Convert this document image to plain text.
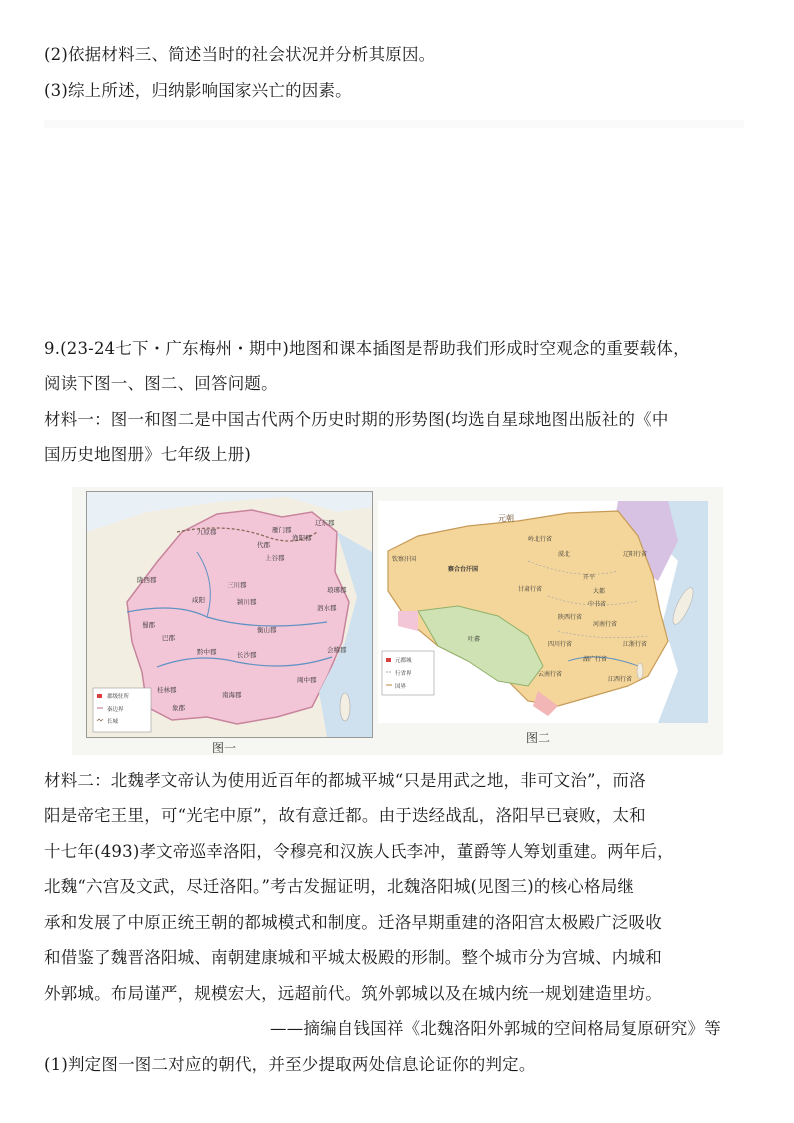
(2)依据材料三、简述当时的社会状况并分析其原因。
(3)综上所述，归纳影响国家兴亡的因素。
9.(23-24七下・广东梅州・期中)地图和课本插图是帮助我们形成时空观念的重要载体，
阅读下图一、图二、回答问题。
材料一：图一和图二是中国古代两个历史时期的形势图(均选自星球地图出版社的《中
国历史地图册》七年级上册)
九原郡	雁门郡
代郡
辽东郡
渔阳郡
上谷郡
陇西郡
咸阳
三川郡
颍川郡
泗水郡
琅琊郡
会稽郡
巴郡
蜀郡
黔中郡	长沙郡
闽中郡
桂林郡
南海郡
象郡
衡山郡
郡级驻所
秦边界
长城
图一
察合台汗国
钦察汗国
岭北行省
漠北	辽阳行省
开平
大都
中书省
甘肃行省
陕西行省
河南行省
吐蕃
四川行省
云南行省
湖广行省
江浙行省
江西行省
元朝
元都城
行省界
国界
图二
材料二：北魏孝文帝认为使用近百年的都城平城“只是用武之地，非可文治”，而洛
阳是帝宅王里，可“光宅中原”，故有意迁都。由于迭经战乱，洛阳早已衰败，太和
十七年(493)孝文帝巡幸洛阳，令穆亮和汉族人氏李冲，董爵等人筹划重建。两年后，
北魏“六宫及文武，尽迁洛阳。”考古发掘证明，北魏洛阳城(见图三)的核心格局继
承和发展了中原正统王朝的都城模式和制度。迁洛早期重建的洛阳宫太极殿广泛吸收
和借鉴了魏晋洛阳城、南朝建康城和平城太极殿的形制。整个城市分为宫城、内城和
外郭城。布局谨严，规模宏大，远超前代。筑外郭城以及在城内统一规划建造里坊。
——摘编自钱国祥《北魏洛阳外郭城的空间格局复原研究》等
(1)判定图一图二对应的朝代，并至少提取两处信息论证你的判定。
